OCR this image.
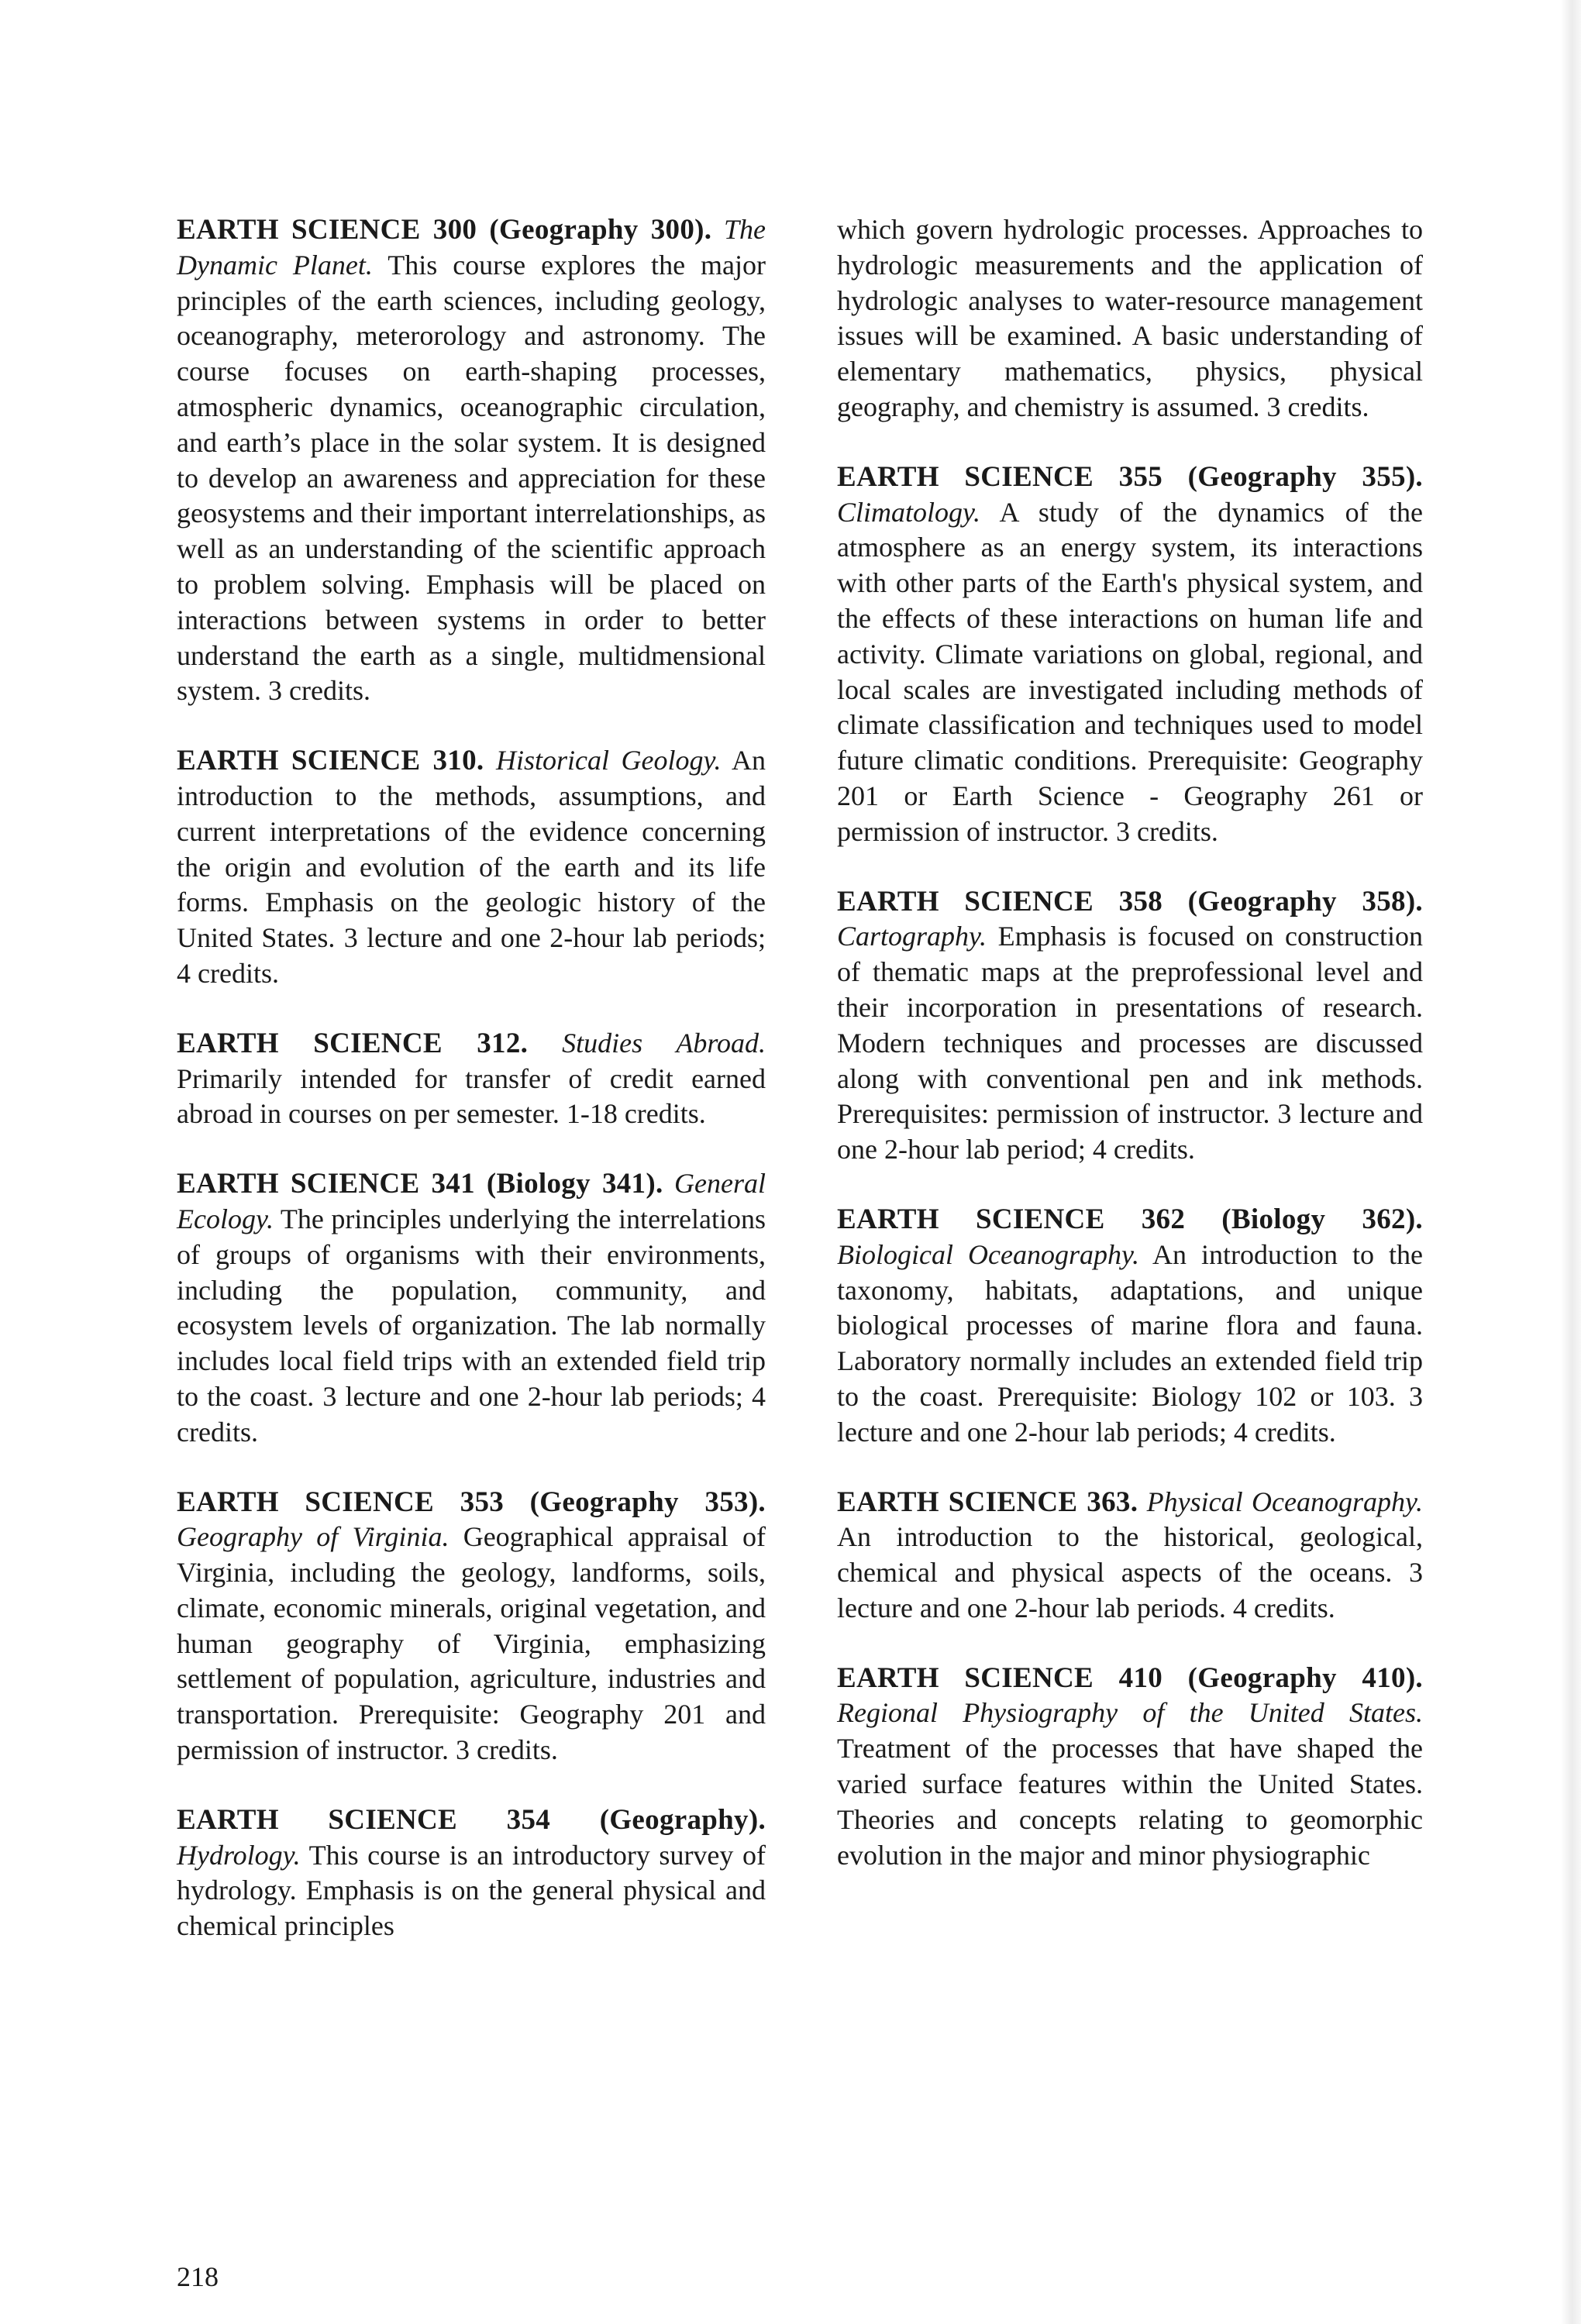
EARTH SCIENCE 300 (Geography 300). The Dynamic Planet. This course explores the major principles of the earth sciences, including geology, oceanography, meterorology and astronomy. The course focuses on earth-shaping processes, atmospheric dynamics, oceanographic circulation, and earth’s place in the solar system. It is designed to develop an awareness and appreciation for these geosystems and their important interrelationships, as well as an understanding of the scientific approach to problem solving. Emphasis will be placed on interactions between systems in order to better understand the earth as a single, multidmensional system. 3 credits.

EARTH SCIENCE 310. Historical Geology. An introduction to the methods, assumptions, and current interpretations of the evidence concerning the origin and evolution of the earth and its life forms. Emphasis on the geologic history of the United States. 3 lecture and one 2-hour lab periods; 4 credits.

EARTH SCIENCE 312. Studies Abroad. Primarily intended for transfer of credit earned abroad in courses on per semester. 1-18 credits.

EARTH SCIENCE 341 (Biology 341). General Ecology. The principles underlying the interrelations of groups of organisms with their environments, including the population, community, and ecosystem levels of organization. The lab normally includes local field trips with an extended field trip to the coast. 3 lecture and one 2-hour lab periods; 4 credits.

EARTH SCIENCE 353 (Geography 353). Geography of Virginia. Geographical appraisal of Virginia, including the geology, landforms, soils, climate, economic minerals, original vegetation, and human geography of Virginia, emphasizing settlement of population, agriculture, industries and transportation. Prerequisite: Geography 201 and permission of instructor. 3 credits.

EARTH SCIENCE 354 (Geography). Hydrology. This course is an introductory survey of hydrology. Emphasis is on the general physical and chemical principles

which govern hydrologic processes. Approaches to hydrologic measurements and the application of hydrologic analyses to water-resource management issues will be examined. A basic understanding of elementary mathematics, physics, physical geography, and chemistry is assumed. 3 credits.

EARTH SCIENCE 355 (Geography 355). Climatology. A study of the dynamics of the atmosphere as an energy system, its interactions with other parts of the Earth's physical system, and the effects of these interactions on human life and activity. Climate variations on global, regional, and local scales are investigated including methods of climate classification and techniques used to model future climatic conditions. Prerequisite: Geography 201 or Earth Science - Geography 261 or permission of instructor. 3 credits.

EARTH SCIENCE 358 (Geography 358). Cartography. Emphasis is focused on construction of thematic maps at the preprofessional level and their incorporation in presentations of research. Modern techniques and processes are discussed along with conventional pen and ink methods. Prerequisites: permission of instructor. 3 lecture and one 2-hour lab period; 4 credits.

EARTH SCIENCE 362 (Biology 362). Biological Oceanography. An introduction to the taxonomy, habitats, adaptations, and unique biological processes of marine flora and fauna. Laboratory normally includes an extended field trip to the coast. Prerequisite: Biology 102 or 103. 3 lecture and one 2-hour lab periods; 4 credits.

EARTH SCIENCE 363. Physical Oceanography. An introduction to the historical, geological, chemical and physical aspects of the oceans. 3 lecture and one 2-hour lab periods. 4 credits.

EARTH SCIENCE 410 (Geography 410). Regional Physiography of the United States. Treatment of the processes that have shaped the varied surface features within the United States. Theories and concepts relating to geomorphic evolution in the major and minor physiographic

218
